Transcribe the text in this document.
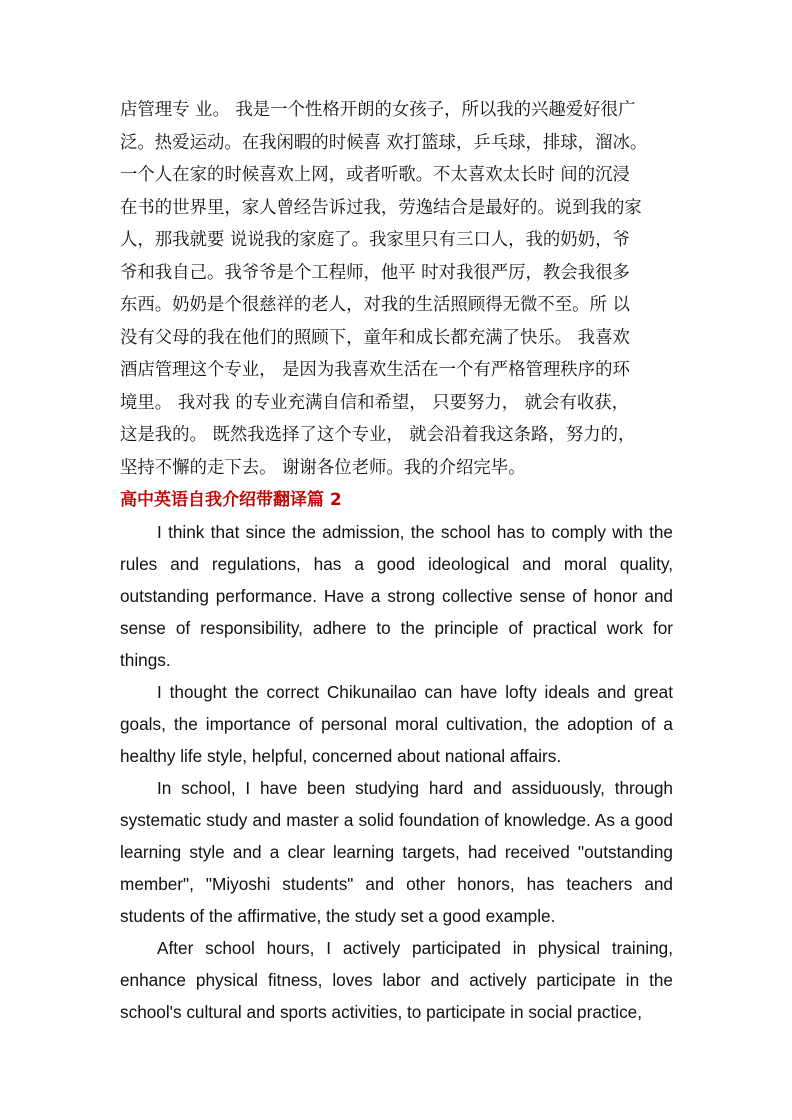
店管理专 业。 我是一个性格开朗的女孩子，所以我的兴趣爱好很广
泛。热爱运动。在我闲暇的时候喜 欢打篮球，乒乓球，排球，溜冰。
一个人在家的时候喜欢上网，或者听歌。不太喜欢太长时 间的沉浸
在书的世界里，家人曾经告诉过我，劳逸结合是最好的。说到我的家
人，那我就要 说说我的家庭了。我家里只有三口人，我的奶奶，爷
爷和我自己。我爷爷是个工程师，他平 时对我很严厉，教会我很多
东西。奶奶是个很慈祥的老人，对我的生活照顾得无微不至。所 以
没有父母的我在他们的照顾下，童年和成长都充满了快乐。 我喜欢
酒店管理这个专业， 是因为我喜欢生活在一个有严格管理秩序的环
境里。 我对我 的专业充满自信和希望， 只要努力， 就会有收获，
这是我的。 既然我选择了这个专业， 就会沿着我这条路，努力的，
坚持不懈的走下去。 谢谢各位老师。我的介绍完毕。
高中英语自我介绍带翻译篇 2

I think that since the admission, the school has to comply with the rules and regulations, has a good ideological and moral quality, outstanding performance. Have a strong collective sense of honor and sense of responsibility, adhere to the principle of practical work for things.

I thought the correct Chikunailao can have lofty ideals and great goals, the importance of personal moral cultivation, the adoption of a healthy life style, helpful, concerned about national affairs.

In school, I have been studying hard and assiduously, through systematic study and master a solid foundation of knowledge. As a good learning style and a clear learning targets, had received "outstanding member", "Miyoshi students" and other honors, has teachers and students of the affirmative, the study set a good example.

After school hours, I actively participated in physical training, enhance physical fitness, loves labor and actively participate in the school's cultural and sports activities, to participate in social practice,
